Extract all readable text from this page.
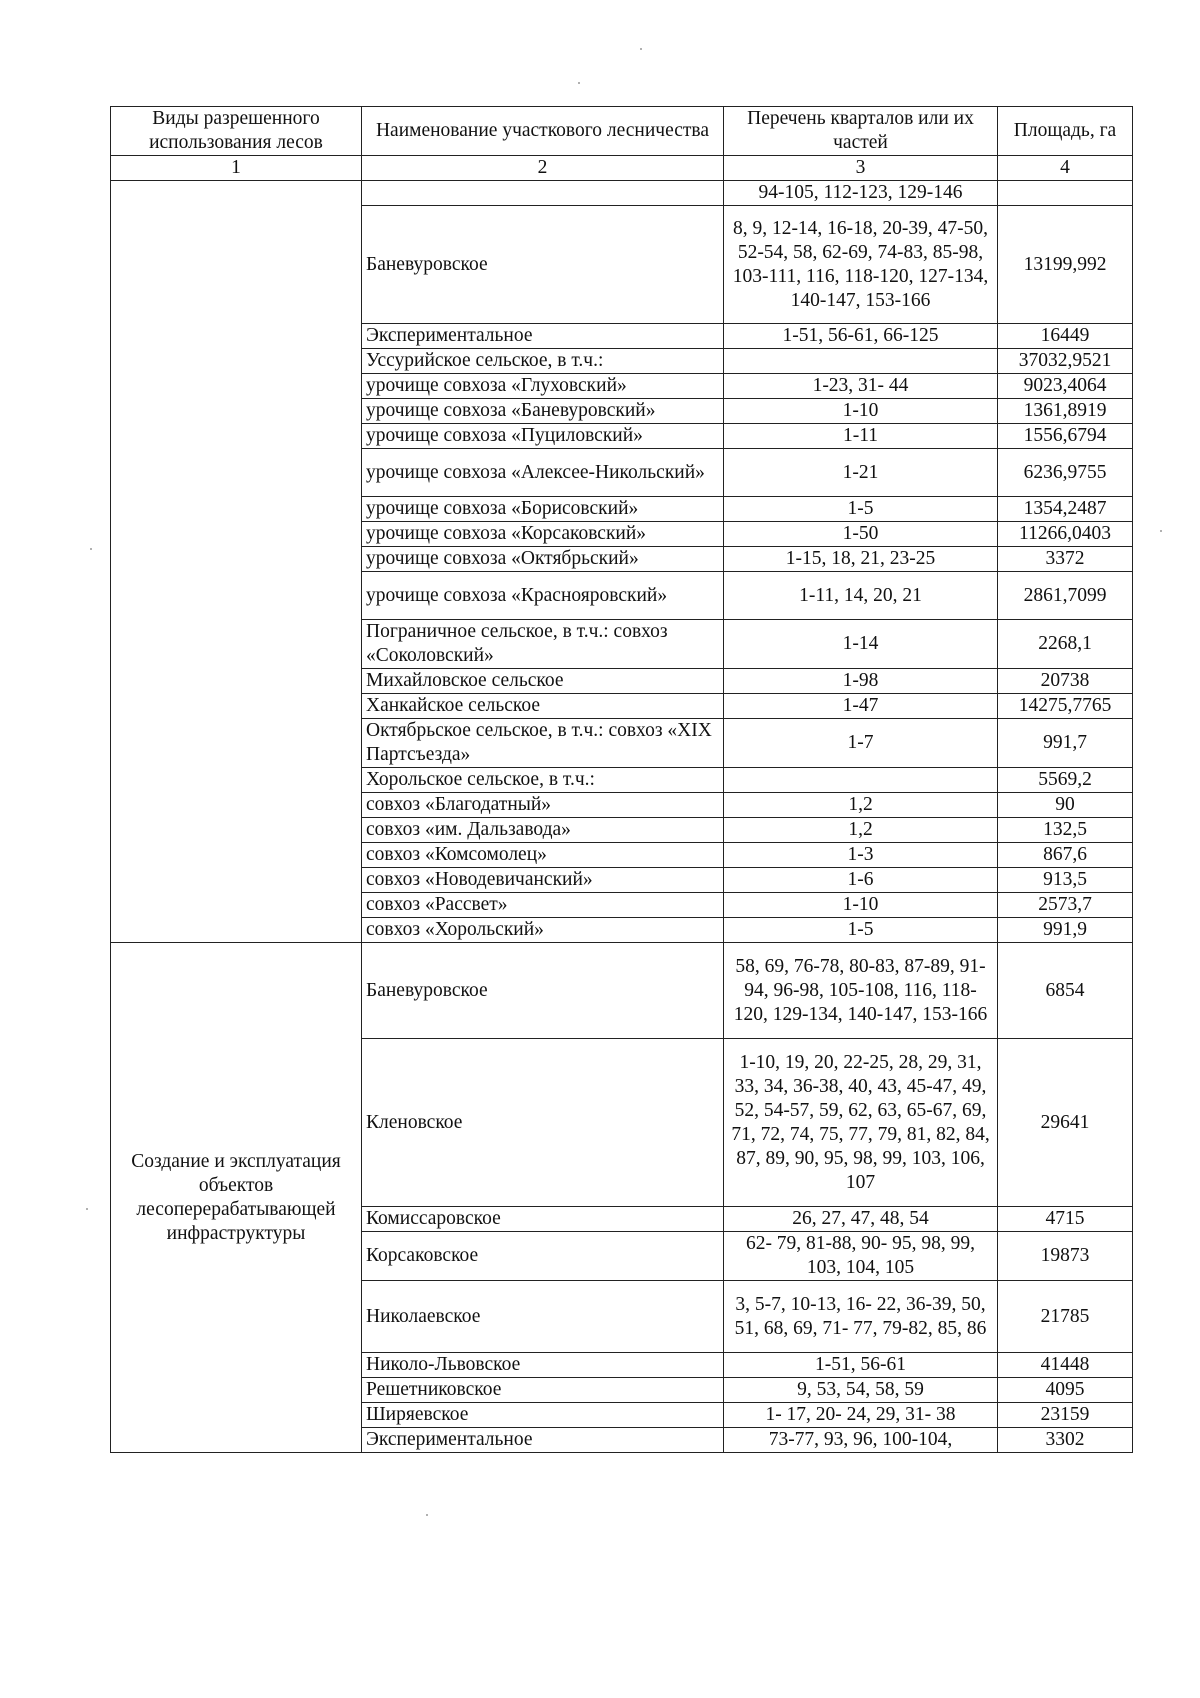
Виды разрешенного использования лесов	Наименование участкового лесничества	Перечень кварталов или их частей	Площадь, га
1	2	3	4
		94-105, 112-123, 129-146	
	Баневуровское	8, 9, 12-14, 16-18, 20-39, 47-50, 52-54, 58, 62-69, 74-83, 85-98, 103-111, 116, 118-120, 127-134, 140-147, 153-166	13199,992
	Экспериментальное	1-51, 56-61, 66-125	16449
	Уссурийское сельское, в т.ч.:		37032,9521
	урочище совхоза «Глуховский»	1-23, 31- 44	9023,4064
	урочище совхоза «Баневуровский»	1-10	1361,8919
	урочище совхоза «Пуциловский»	1-11	1556,6794
	урочище совхоза «Алексее-Никольский»	1-21	6236,9755
	урочище совхоза «Борисовский»	1-5	1354,2487
	урочище совхоза «Корсаковский»	1-50	11266,0403
	урочище совхоза «Октябрьский»	1-15, 18, 21, 23-25	3372
	урочище совхоза «Краснояровский»	1-11, 14, 20, 21	2861,7099
	Пограничное сельское, в т.ч.: совхоз «Соколовский»	1-14	2268,1
	Михайловское сельское	1-98	20738
	Ханкайское сельское	1-47	14275,7765
	Октябрьское сельское, в т.ч.: совхоз «XIX Партсъезда»	1-7	991,7
	Хорольское сельское, в т.ч.:		5569,2
	совхоз «Благодатный»	1,2	90
	совхоз «им. Дальзавода»	1,2	132,5
	совхоз «Комсомолец»	1-3	867,6
	совхоз «Новодевичанский»	1-6	913,5
	совхоз «Рассвет»	1-10	2573,7
	совхоз «Хорольский»	1-5	991,9
Создание и эксплуатация объектов лесоперерабатывающей инфраструктуры	Баневуровское	58, 69, 76-78, 80-83, 87-89, 91-94, 96-98, 105-108, 116, 118-120, 129-134, 140-147, 153-166	6854
	Кленовское	1-10, 19, 20, 22-25, 28, 29, 31, 33, 34, 36-38, 40, 43, 45-47, 49, 52, 54-57, 59, 62, 63, 65-67, 69, 71, 72, 74, 75, 77, 79, 81, 82, 84, 87, 89, 90, 95, 98, 99, 103, 106, 107	29641
	Комиссаровское	26, 27, 47, 48, 54	4715
	Корсаковское	62- 79, 81-88, 90- 95, 98, 99, 103, 104, 105	19873
	Николаевское	3, 5-7, 10-13, 16- 22, 36-39, 50, 51, 68, 69, 71- 77, 79-82, 85, 86	21785
	Николо-Львовское	1-51, 56-61	41448
	Решетниковское	9, 53, 54, 58, 59	4095
	Ширяевское	1- 17, 20- 24, 29, 31- 38	23159
	Экспериментальное	73-77, 93, 96, 100-104,	3302
